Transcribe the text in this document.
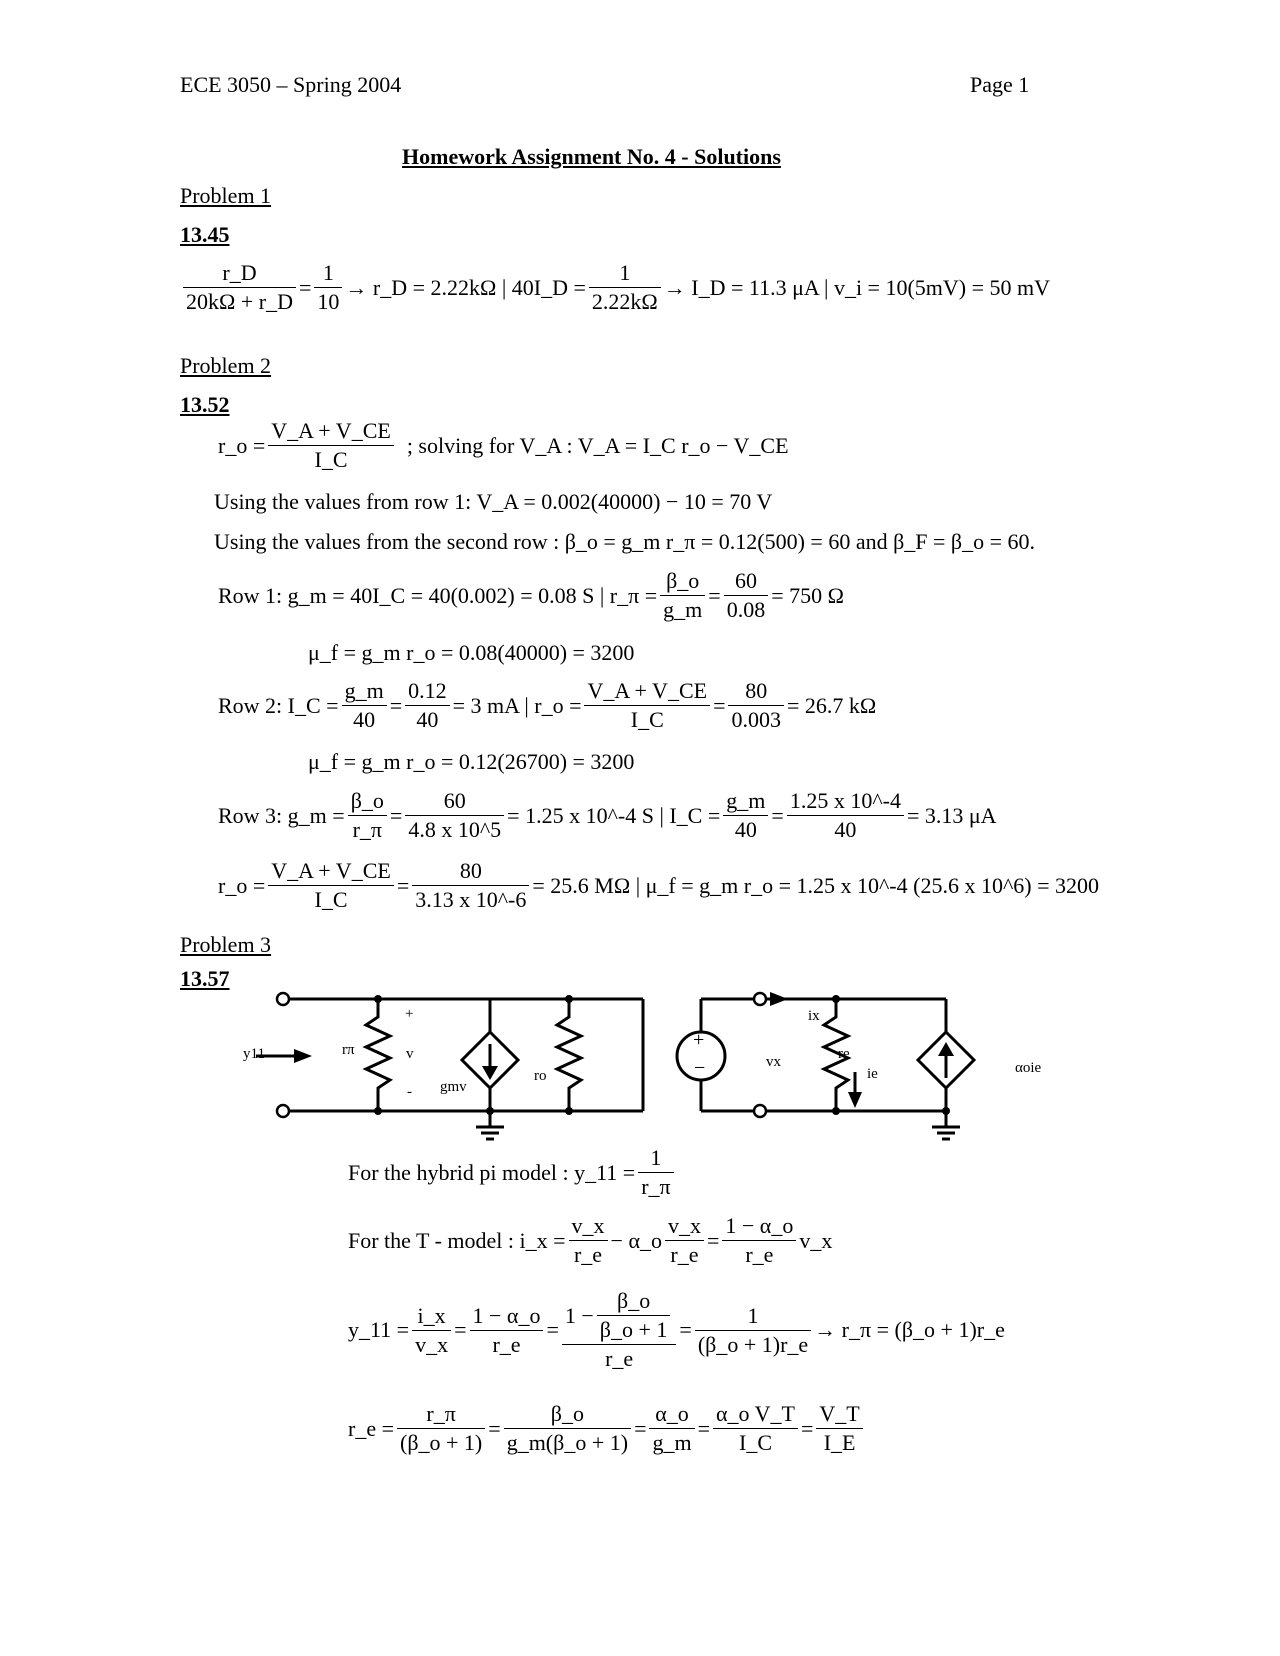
ECE 3050 – Spring 2004	Page 1
Homework Assignment No. 4 - Solutions
Problem 1
13.45
$\frac{r\_D}{20k\Omega + r\_D} = \frac{1}{10}$ → r_D = 2.22kΩ | 40I_D = $\frac{1}{2.22k\Omega}$ → I_D = 11.3 μA | v_i = 10(5mV) = 50 mV
Problem 2
13.52
r_o = $\frac{V\_A + V\_CE}{I\_C}$ ; solving for V_A : V_A = I_C r_o − V_CE
Using the values from row 1: V_A = 0.002(40000) − 10 = 70 V
Using the values from the second row : β_o = g_m r_π = 0.12(500) = 60 and β_F = β_o = 60.
Row 1: g_m = 40I_C = 40(0.002) = 0.08 S | r_π = $\frac{\beta\_o}{g\_m} = \frac{60}{0.08} = 750$ Ω
μ_f = g_m r_o = 0.08(40000) = 3200
Row 2: I_C = $\frac{g\_m}{40} = \frac{0.12}{40} = 3$ mA | r_o = $\frac{V\_A + V\_CE}{I\_C} = \frac{80}{0.003} = 26.7$ kΩ
μ_f = g_m r_o = 0.12(26700) = 3200
Row 3: g_m = $\frac{\beta\_o}{r\_\pi} = \frac{60}{4.8 x 10\^{}5} = 1.25$ x 10^-4 S | I_C = $\frac{g\_m}{40} = \frac{1.25 x 10\^{}-4}{40} = 3.13$ μA
r_o = $\frac{V\_A + V\_CE}{I\_C} = \frac{80}{3.13 x 10\^{}-6} = 25.6$ MΩ | μ_f = g_m r_o = 1.25 x 10^-4 (25.6 x 10^6) = 3200
Problem 3
13.57
y11	rπ
+
v
- gmv
ro
+
−	vx
ix
re
ie	αoie
For the hybrid pi model : y_11 = $\frac{1}{r\_\pi}$
For the T - model : i_x = $\frac{v\_x}{r\_e}$ − α_o $\frac{v\_x}{r\_e} = \frac{1 - \alpha\_o}{r\_e}$ v_x
y_11 = $\frac{i\_x}{v\_x} = \frac{1 - \alpha\_o}{r\_e} = \frac{1 - \frac{\beta\_o}{\beta\_o + 1}}{r\_e} = \frac{1}{(\beta\_o + 1)r\_e}$ → r_π = (β_o + 1)r_e
r_e = $\frac{r\_\pi}{(\beta\_o + 1)} = \frac{\beta\_o}{g\_m(\beta\_o + 1)} = \frac{\alpha\_o}{g\_m} = \frac{\text{α\_o V\_T}}{I\_C} = \frac{V\_T}{I\_E}$
